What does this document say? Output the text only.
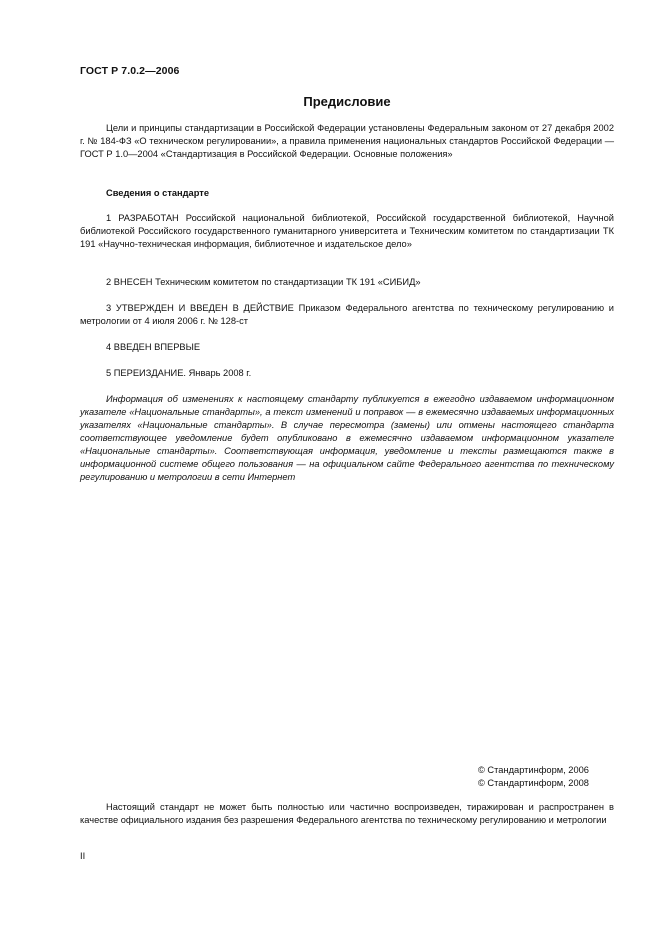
ГОСТ Р 7.0.2—2006
Предисловие
Цели и принципы стандартизации в Российской Федерации установлены Федеральным законом от 27 декабря 2002 г. № 184-ФЗ «О техническом регулировании», а правила применения национальных стандартов Российской Федерации — ГОСТ Р 1.0—2004 «Стандартизация в Российской Федерации. Основные положения»
Сведения о стандарте
1 РАЗРАБОТАН Российской национальной библиотекой, Российской государственной библиотекой, Научной библиотекой Российского государственного гуманитарного университета и Техническим комитетом по стандартизации ТК 191 «Научно-техническая информация, библиотечное и издательское дело»
2 ВНЕСЕН Техническим комитетом по стандартизации ТК 191 «СИБИД»
3 УТВЕРЖДЕН И ВВЕДЕН В ДЕЙСТВИЕ Приказом Федерального агентства по техническому регулированию и метрологии от 4 июля 2006 г. № 128-ст
4 ВВЕДЕН ВПЕРВЫЕ
5 ПЕРЕИЗДАНИЕ. Январь 2008 г.
Информация об изменениях к настоящему стандарту публикуется в ежегодно издаваемом информационном указателе «Национальные стандарты», а текст изменений и поправок — в ежемесячно издаваемых информационных указателях «Национальные стандарты». В случае пересмотра (замены) или отмены настоящего стандарта соответствующее уведомление будет опубликовано в ежемесячно издаваемом информационном указателе «Национальные стандарты». Соответствующая информация, уведомление и тексты размещаются также в информационной системе общего пользования — на официальном сайте Федерального агентства по техническому регулированию и метрологии в сети Интернет
© Стандартинформ, 2006
© Стандартинформ, 2008
Настоящий стандарт не может быть полностью или частично воспроизведен, тиражирован и распространен в качестве официального издания без разрешения Федерального агентства по техническому регулированию и метрологии
II
